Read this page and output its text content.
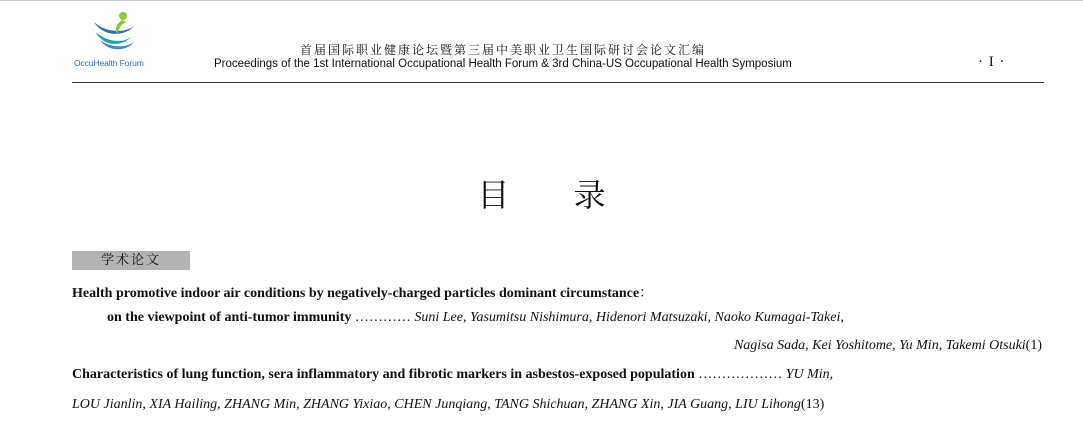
OccuHealth Forum
首届国际职业健康论坛暨第三届中美职业卫生国际研讨会论文汇编
Proceedings of the 1st International Occupational Health Forum & 3rd China-US Occupational Health Symposium	· I ·
目 录
学术论文
Health promotive indoor air conditions by negatively-charged particles dominant circumstance：
on the viewpoint of anti-tumor immunity ………… Suni Lee, Yasumitsu Nishimura, Hidenori Matsuzaki, Naoko Kumagai-Takei,
Nagisa Sada, Kei Yoshitome, Yu Min, Takemi Otsuki(1)
Characteristics of lung function, sera inflammatory and fibrotic markers in asbestos-exposed population ……………… YU Min,
LOU Jianlin, XIA Hailing, ZHANG Min, ZHANG Yixiao, CHEN Junqiang, TANG Shichuan, ZHANG Xin, JIA Guang, LIU Lihong(13)
